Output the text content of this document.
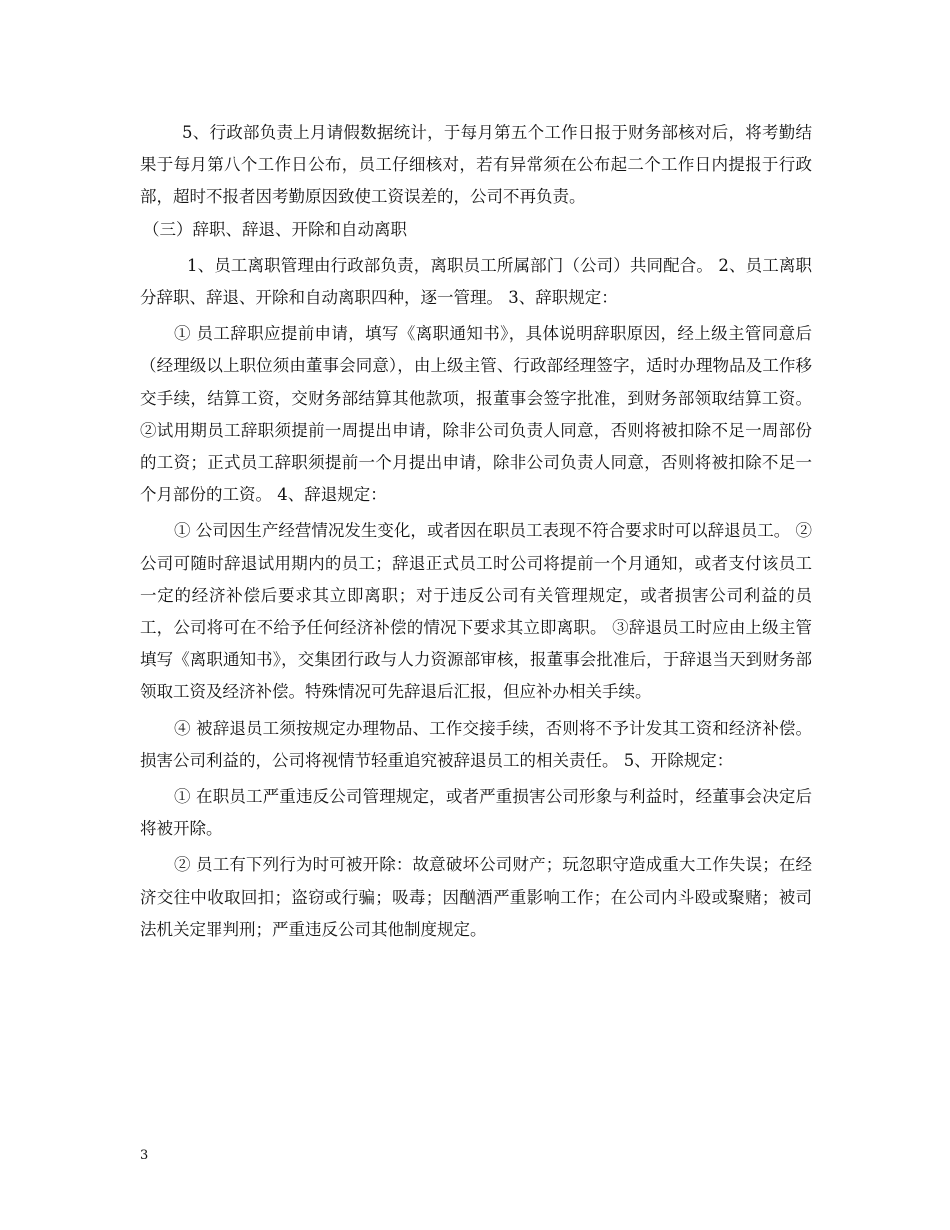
5、行政部负责上月请假数据统计，于每月第五个工作日报于财务部核对后，将考勤结果于每月第八个工作日公布，员工仔细核对，若有异常须在公布起二个工作日内提报于行政部，超时不报者因考勤原因致使工资误差的，公司不再负责。

（三）辞职、辞退、开除和自动离职

1、员工离职管理由行政部负责，离职员工所属部门（公司）共同配合。 2、员工离职分辞职、辞退、开除和自动离职四种，逐一管理。 3、辞职规定：

① 员工辞职应提前申请，填写《离职通知书》，具体说明辞职原因，经上级主管同意后（经理级以上职位须由董事会同意），由上级主管、行政部经理签字，适时办理物品及工作移交手续，结算工资，交财务部结算其他款项，报董事会签字批准，到财务部领取结算工资。 ②试用期员工辞职须提前一周提出申请，除非公司负责人同意，否则将被扣除不足一周部份的工资；正式员工辞职须提前一个月提出申请，除非公司负责人同意，否则将被扣除不足一个月部份的工资。 4、辞退规定：

① 公司因生产经营情况发生变化，或者因在职员工表现不符合要求时可以辞退员工。 ②公司可随时辞退试用期内的员工；辞退正式员工时公司将提前一个月通知，或者支付该员工一定的经济补偿后要求其立即离职；对于违反公司有关管理规定，或者损害公司利益的员工，公司将可在不给予任何经济补偿的情况下要求其立即离职。 ③辞退员工时应由上级主管填写《离职通知书》，交集团行政与人力资源部审核，报董事会批准后，于辞退当天到财务部领取工资及经济补偿。特殊情况可先辞退后汇报，但应补办相关手续。

④ 被辞退员工须按规定办理物品、工作交接手续，否则将不予计发其工资和经济补偿。损害公司利益的，公司将视情节轻重追究被辞退员工的相关责任。 5、开除规定：

① 在职员工严重违反公司管理规定，或者严重损害公司形象与利益时，经董事会决定后将被开除。

② 员工有下列行为时可被开除：故意破坏公司财产；玩忽职守造成重大工作失误；在经济交往中收取回扣；盗窃或行骗；吸毒；因酗酒严重影响工作；在公司内斗殴或聚赌；被司法机关定罪判刑；严重违反公司其他制度规定。

3
